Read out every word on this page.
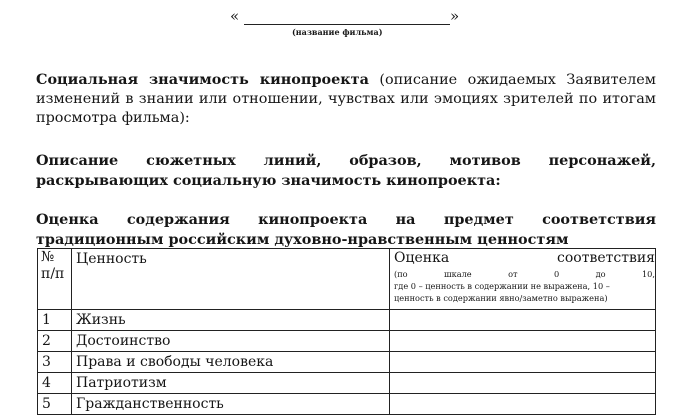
«	»
(название фильма)
Социальная значимость кинопроекта (описание ожидаемых Заявителем изменений в знании или отношении, чувствах или эмоциях зрителей по итогам просмотра фильма):
Описание сюжетных линий, образов, мотивов персонажей, раскрывающих социальную значимость кинопроекта:
Оценка содержания кинопроекта на предмет соответствия традиционным российским духовно-нравственным ценностям
№ п/п	Ценность	Оценка соответствия
(по шкале от 0 до 10,
где 0 – ценность в содержании не выражена, 10 –
ценность в содержании явно/заметно выражена)

1	Жизнь	
2	Достоинство	
3	Права и свободы человека	
4	Патриотизм	
5	Гражданственность	
